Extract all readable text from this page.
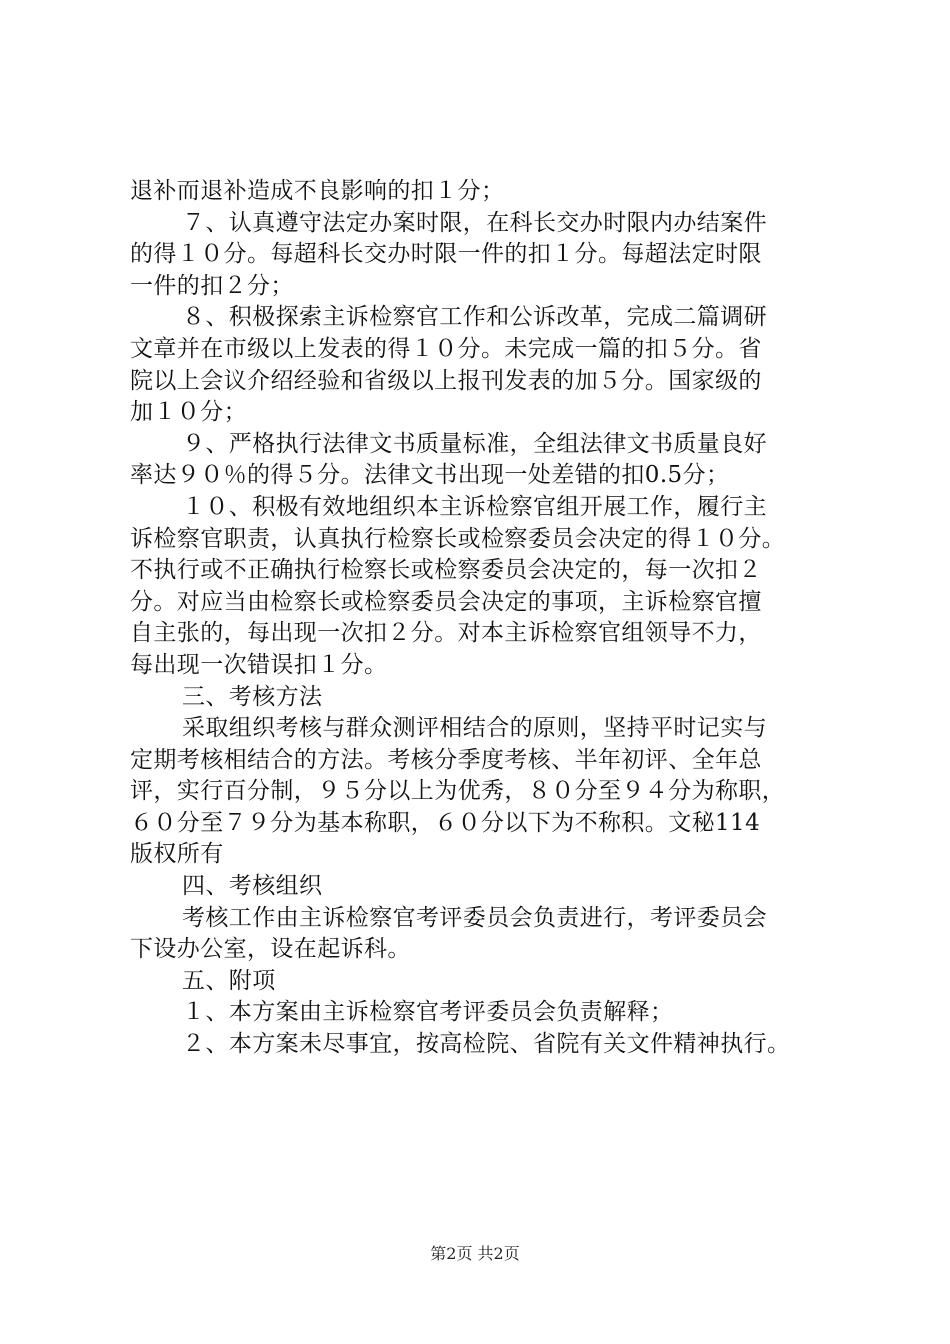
退补而退补造成不良影响的扣１分；
７、认真遵守法定办案时限，在科长交办时限内办结案件
的得１０分。每超科长交办时限一件的扣１分。每超法定时限
一件的扣２分；
８、积极探索主诉检察官工作和公诉改革，完成二篇调研
文章并在市级以上发表的得１０分。未完成一篇的扣５分。省
院以上会议介绍经验和省级以上报刊发表的加５分。国家级的
加１０分；
９、严格执行法律文书质量标准，全组法律文书质量良好
率达９０％的得５分。法律文书出现一处差错的扣0.5分；
１０、积极有效地组织本主诉检察官组开展工作，履行主
诉检察官职责，认真执行检察长或检察委员会决定的得１０分。
不执行或不正确执行检察长或检察委员会决定的，每一次扣２
分。对应当由检察长或检察委员会决定的事项，主诉检察官擅
自主张的，每出现一次扣２分。对本主诉检察官组领导不力，
每出现一次错误扣１分。
三、考核方法
采取组织考核与群众测评相结合的原则，坚持平时记实与
定期考核相结合的方法。考核分季度考核、半年初评、全年总
评，实行百分制，９５分以上为优秀，８０分至９４分为称职，
６０分至７９分为基本称职，６０分以下为不称积。文秘114
版权所有
四、考核组织
考核工作由主诉检察官考评委员会负责进行，考评委员会
下设办公室，设在起诉科。
五、附项
１、本方案由主诉检察官考评委员会负责解释；
２、本方案未尽事宜，按高检院、省院有关文件精神执行。
第2页 共2页
